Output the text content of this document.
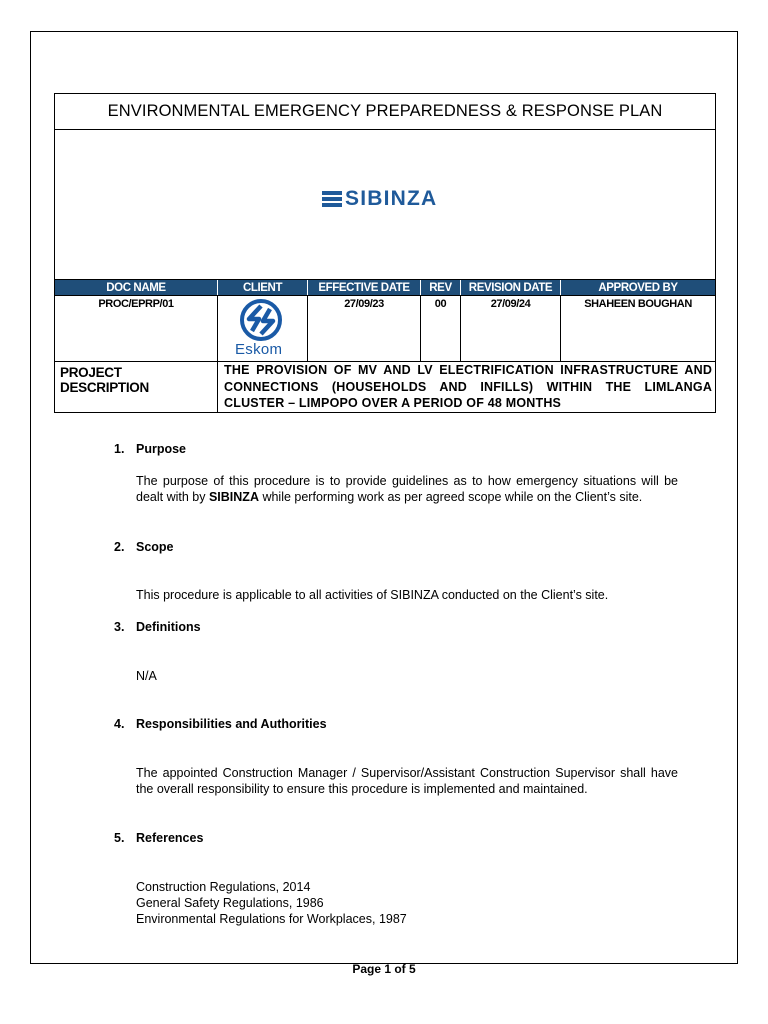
ENVIRONMENTAL EMERGENCY PREPAREDNESS & RESPONSE PLAN					

SIBINZA					

DOC NAME	CLIENT	EFFECTIVE DATE	REV	REVISION DATE	APPROVED BY
PROC/EPRP/01	Eskom	27/09/23	00	27/09/24	SHAHEEN BOUGHAN
PROJECT DESCRIPTION	THE PROVISION OF MV AND LV ELECTRIFICATION INFRASTRUCTURE AND CONNECTIONS (HOUSEHOLDS AND INFILLS) WITHIN THE LIMLANGA CLUSTER – LIMPOPO OVER A PERIOD OF 48 MONTHS				
1. Purpose
The purpose of this procedure is to provide guidelines as to how emergency situations will be dealt with by SIBINZA while performing work as per agreed scope while on the Client’s site.
2. Scope
This procedure is applicable to all activities of SIBINZA conducted on the Client’s site.
3. Definitions
N/A
4. Responsibilities and Authorities
The appointed Construction Manager / Supervisor/Assistant Construction Supervisor shall have the overall responsibility to ensure this procedure is implemented and maintained.
5. References
Construction Regulations, 2014
General Safety Regulations, 1986
Environmental Regulations for Workplaces, 1987
Page 1 of 5
